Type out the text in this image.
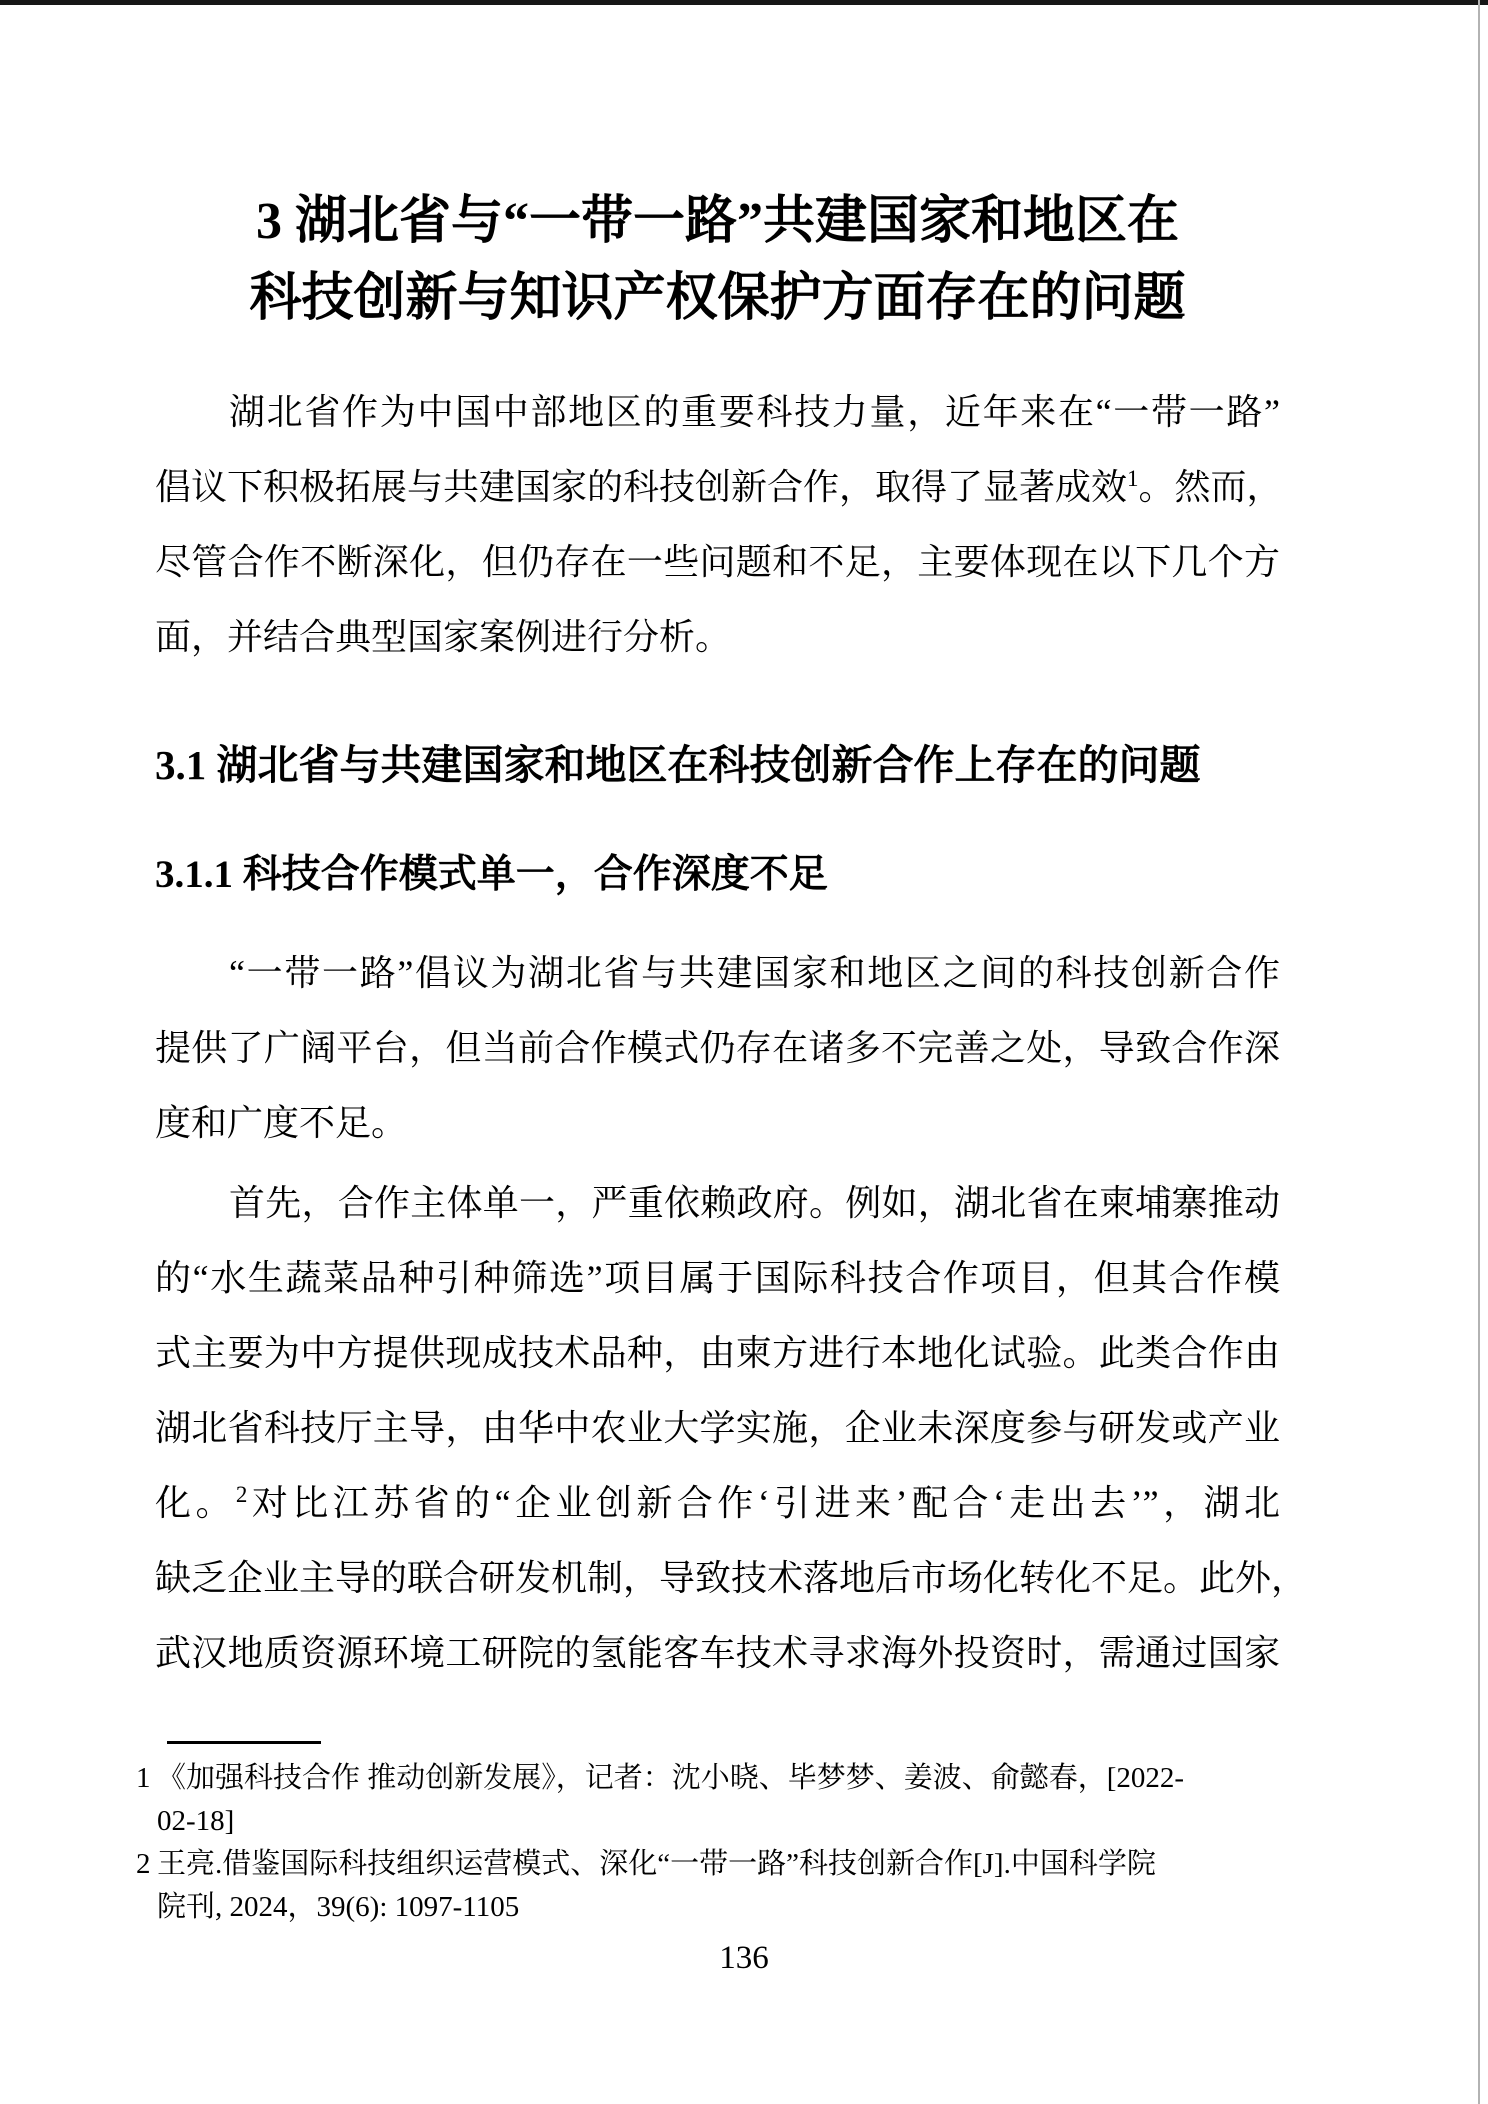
3 湖北省与“一带一路”共建国家和地区在
科技创新与知识产权保护方面存在的问题
湖北省作为中国中部地区的重要科技力量，近年来在“一带一路”
倡议下积极拓展与共建国家的科技创新合作，取得了显著成效$^1$。然而，
尽管合作不断深化，但仍存在一些问题和不足，主要体现在以下几个方
面，并结合典型国家案例进行分析。
3.1 湖北省与共建国家和地区在科技创新合作上存在的问题
3.1.1 科技合作模式单一，合作深度不足
“一带一路”倡议为湖北省与共建国家和地区之间的科技创新合作
提供了广阔平台，但当前合作模式仍存在诸多不完善之处，导致合作深
度和广度不足。
首先，合作主体单一，严重依赖政府。例如，湖北省在柬埔寨推动
的“水生蔬菜品种引种筛选”项目属于国际科技合作项目，但其合作模
式主要为中方提供现成技术品种，由柬方进行本地化试验。此类合作由
湖北省科技厅主导，由华中农业大学实施，企业未深度参与研发或产业
化。$^2$对比江苏省的“企业创新合作‘引进来’配合‘走出去’”，湖北
缺乏企业主导的联合研发机制，导致技术落地后市场化转化不足。此外，
武汉地质资源环境工研院的氢能客车技术寻求海外投资时，需通过国家
1 《加强科技合作 推动创新发展》，记者：沈小晓、毕梦梦、姜波、俞懿春，[2022-
02-18]
2 王亮.借鉴国际科技组织运营模式、深化“一带一路”科技创新合作[J].中国科学院
院刊, 2024，39(6): 1097-1105
136
